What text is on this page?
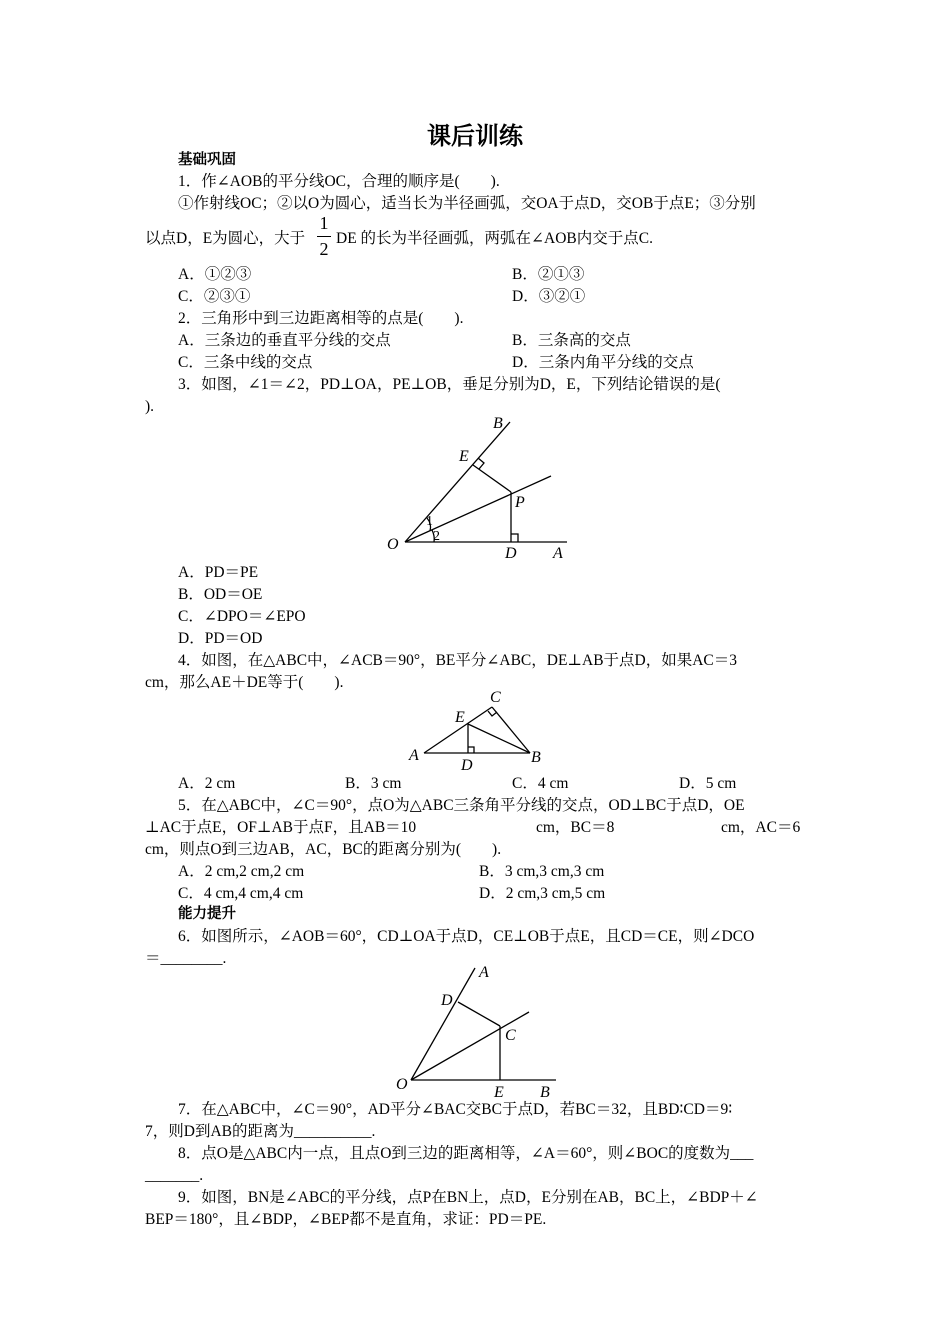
课后训练
基础巩固
1．作∠AOB的平分线OC，合理的顺序是(　　).
①作射线OC；②以O为圆心，适当长为半径画弧，交OA于点D，交OB于点E；③分别
以点D，E为圆心，大于
1
2
DE 的长为半径画弧，两弧在∠AOB内交于点C.
A．①②③	B．②①③
C．②③①	D．③②①
2．三角形中到三边距离相等的点是(　　).
A．三条边的垂直平分线的交点	B．三条高的交点
C．三条中线的交点	D．三条内角平分线的交点
3．如图，∠1＝∠2，PD⊥OA，PE⊥OB，垂足分别为D，E，下列结论错误的是(
).
B
E
P
O
D A
1
2
A．PD＝PE
B．OD＝OE
C．∠DPO＝∠EPO
D．PD＝OD
4．如图，在△ABC中，∠ACB＝90°，BE平分∠ABC，DE⊥AB于点D，如果AC＝3
cm，那么AE＋DE等于(　　).
C
E
A	B
D
A．2 cm	B．3 cm	C．4 cm	D．5 cm
5．在△ABC中，∠C＝90°，点O为△ABC三条角平分线的交点，OD⊥BC于点D，OE
⊥AC于点E，OF⊥AB于点F，且AB＝10	cm，BC＝8	cm，AC＝6
cm，则点O到三边AB，AC，BC的距离分别为(　　).
A．2 cm,2 cm,2 cm	B．3 cm,3 cm,3 cm
C．4 cm,4 cm,4 cm	D．2 cm,3 cm,5 cm
能力提升
6．如图所示，∠AOB＝60°，CD⊥OA于点D，CE⊥OB于点E，且CD＝CE，则∠DCO
＝________.
A
D
C
O	E B
7．在△ABC中，∠C＝90°，AD平分∠BAC交BC于点D，若BC＝32，且BD∶CD＝9∶
7，则D到AB的距离为__________.
8．点O是△ABC内一点，且点O到三边的距离相等，∠A＝60°，则∠BOC的度数为___
_______.
9．如图，BN是∠ABC的平分线，点P在BN上，点D，E分别在AB，BC上，∠BDP＋∠
BEP＝180°，且∠BDP，∠BEP都不是直角，求证：PD＝PE.
